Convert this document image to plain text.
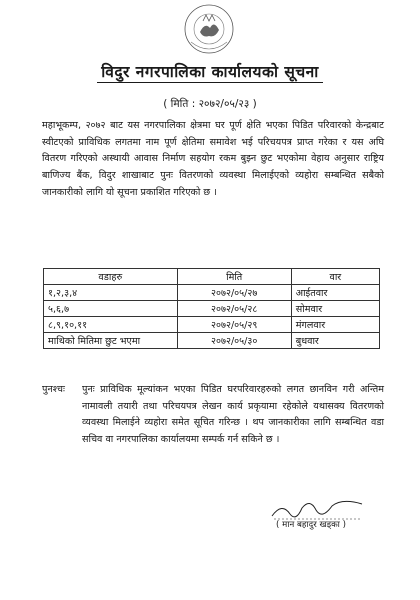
विदुर नगरपालिका कार्यालयको सूचना
( मिति : २०७२/०५/२३ )
महाभूकम्प, २०७२ बाट यस नगरपालिका क्षेत्रमा घर पूर्ण क्षेति भएका पिडित परिवारको केन्द्रबाट स्वीटएको प्राविधिक लगतमा नाम पूर्ण क्षेतिमा समावेश भई परिचयपत्र प्राप्त गरेका र यस अघि वितरण गरिएको अस्थायी आवास निर्माण सहयोग रकम बुझ्न छुट भएकोमा वेहाय अनुसार राष्ट्रिय बाणिज्य बैंक, विदुर शाखाबाट पुनः वितरणको व्यवस्था मिलाईएको व्यहोरा सम्बन्धित सबैको जानकारीको लागि यो सूचना प्रकाशित गरिएको छ ।
वडाहरु	मिति	वार
१,२,३,४	२०७२/०५/२७	आईतवार
५,६,७	२०७२/०५/२८	सोमवार
८,९,१०,११	२०७२/०५/२९	मंगलवार
माथिको मितिमा छुट भएमा	२०७२/०५/३०	बुधवार
पुनश्चः पुनः प्राविधिक मूल्यांकन भएका पिडित घरपरिवारहरुको लगत छानविन गरी अन्तिम नामावली तयारी तथा परिचयपत्र लेखन कार्य प्रकृयामा रहेकोले यथासक्य वितरणको व्यवस्था मिलाईने व्यहोरा समेत सूचित गरिन्छ । थप जानकारीका लागि सम्बन्धित वडा सचिव वा नगरपालिका कार्यालयमा सम्पर्क गर्न सकिने छ ।
( मान बहादुर खड्का )
